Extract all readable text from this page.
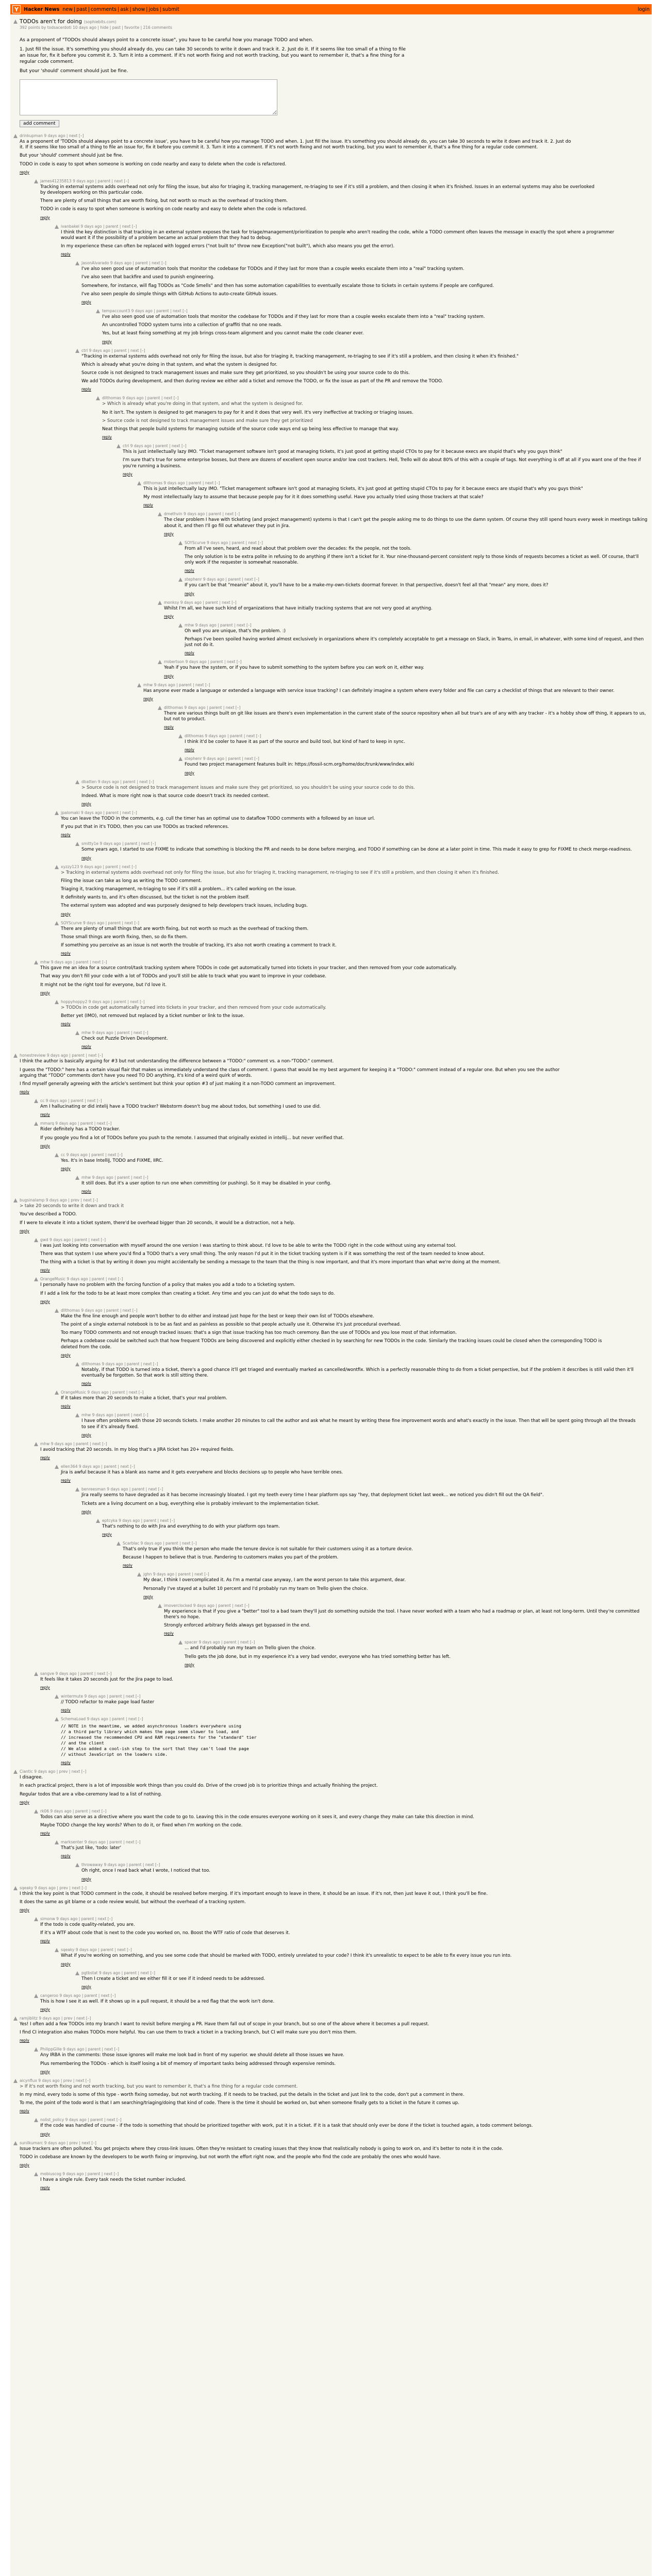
Y	Hacker News new | past | comments | ask | show | jobs | submit	login
TODOs aren't for doing (sophiebits.com)
392 points by todsacerdoti 10 days ago | hide | past | favorite | 216 comments

As a proponent of "TODOs should always point to a concrete issue", you have to be careful how you manage TODO and when.

1. Just fill the issue. It's something you should already do, you can take 30 seconds to write it down and track it. 2. Just do it. If it seems like too small of a thing to file an issue for, fix it before you commit it. 3. Turn it into a comment. If it's not worth fixing and not worth tracking, but you want to remember it, that's a fine thing for a regular code comment.

But your 'should' comment should just be fine.

add comment
drinkupman 9 days ago | next [–]

As a proponent of 'TODOs should always point to a concrete issue', you have to be careful how you manage TODO and when. 1. Just fill the issue. It's something you should already do, you can take 30 seconds to write it down and track it. 2. Just do it. If it seems like too small of a thing to file an issue for, fix it before you commit it. 3. Turn it into a comment. If it's not worth fixing and not worth tracking, but you want to remember it, that's a fine thing for a regular code comment.

But your 'should' comment should just be fine.

TODO in code is easy to spot when someone is working on code nearby and easy to delete when the code is refactored.

reply
james41235813 9 days ago | parent | next [–]

Tracking in external systems adds overhead not only for filing the issue, but also for triaging it, tracking management, re-triaging to see if it's still a problem, and then closing it when it's finished. Issues in an external systems may also be overlooked by developers working on this particular code.

There are plenty of small things that are worth fixing, but not worth so much as the overhead of tracking them.

TODO in code is easy to spot when someone is working on code nearby and easy to delete when the code is refactored.

reply
ivanbakel 9 days ago | parent | next [–]

I think the key distinction is that tracking in an external system exposes the task for triage/management/prioritization to people who aren't reading the code, while a TODO comment often leaves the message in exactly the spot where a programmer would want it if the possibility of a problem became an actual problem that they had to debug.

In my experience these can often be replaced with logged errors ("not built to" throw new Exception("not built"), which also means you get the error).

reply
JasonAlvarado 9 days ago | parent | next [–]

I've also seen good use of automation tools that monitor the codebase for TODOs and if they last for more than a couple weeks escalate them into a "real" tracking system.

I've also seen that backfire and used to punish engineering.

Somewhere, for instance, will flag TODOs as "Code Smells" and then has some automation capabilities to eventually escalate those to tickets in certain systems if people are configured.

I've also seen people do simple things with GitHub Actions to auto-create GitHub issues.

reply
tempaccount3 9 days ago | parent | next [–]

I've also seen good use of automation tools that monitor the codebase for TODOs and if they last for more than a couple weeks escalate them into a "real" tracking system.

An uncontrolled TODO system turns into a collection of graffiti that no one reads.

Yes, but at least fixing something at my job brings cross-team alignment and you cannot make the code cleaner ever.

reply
ctrl 9 days ago | parent | next [–]

"Tracking in external systems adds overhead not only for filing the issue, but also for triaging it, tracking management, re-triaging to see if it's still a problem, and then closing it when it's finished."

Which is already what you're doing in that system, and what the system is designed for.

Source code is not designed to track management issues and make sure they get prioritized, so you shouldn't be using your source code to do this.

We add TODOs during development, and then during review we either add a ticket and remove the TODO, or fix the issue as part of the PR and remove the TODO.

reply
dllthomas 9 days ago | parent | next [–]

> Which is already what you're doing in that system, and what the system is designed for.

No it isn't. The system is designed to get managers to pay for it and it does that very well. It's very ineffective at tracking or triaging issues.

> Source code is not designed to track management issues and make sure they get prioritized

Neat things that people build systems for managing outside of the source code ways end up being less effective to manage that way.

reply
ctrl 9 days ago | parent | next [–]

This is just intellectually lazy IMO. "Ticket management software isn't good at managing tickets, it's just good at getting stupid CTOs to pay for it because execs are stupid that's why you guys think"

I'm sure that's true for some enterprise bosses, but there are dozens of excellent open source and/or low cost trackers. Hell, Trello will do about 80% of this with a couple of tags. Not everything is off at all if you want one of the free if you're running a business.

reply
dllthomas 9 days ago | parent | next [–]

This is just intellectually lazy IMO. "Ticket management software isn't good at managing tickets, it's just good at getting stupid CTOs to pay for it because execs are stupid that's why you guys think"

My most intellectually lazy to assume that because people pay for it it does something useful. Have you actually tried using those trackers at that scale?

reply
dmethvin 9 days ago | parent | next [–]

The clear problem I have with ticketing (and project management) systems is that I can't get the people asking me to do things to use the damn system. Of course they still spend hours every week in meetings talking about it, and then I'll go fill out whatever they put in Jira.

reply
SOYScurve 9 days ago | parent | next [–]

From all I've seen, heard, and read about that problem over the decades: fix the people, not the tools.

The only solution is to be extra polite in refusing to do anything if there isn't a ticket for it. Your nine-thousand-percent consistent reply to those kinds of requests becomes a ticket as well. Of course, that'll only work if the requester is somewhat reasonable.

reply
stephenr 9 days ago | parent | next [–]

If you can't be that "meanie" about it, you'll have to be a make-my-own-tickets doormat forever. In that perspective, doesn't feel all that "mean" any more, does it?

reply
monksy 9 days ago | parent | next [–]

Whilst I'm all, we have such kind of organizations that have initially tracking systems that are not very good at anything.

reply
mhw 9 days ago | parent | next [–]

Oh well you are unique, that's the problem. :)

Perhaps I've been spoiled having worked almost exclusively in organizations where it's completely acceptable to get a message on Slack, in Teams, in email, in whatever, with some kind of request, and then just not do it.

reply
rrobertson 9 days ago | parent | next [–]

Yeah if you have the system, or if you have to submit something to the system before you can work on it, either way.

reply
mhw 9 days ago | parent | next [–]

Has anyone ever made a language or extended a language with service issue tracking? I can definitely imagine a system where every folder and file can carry a checklist of things that are relevant to their owner.

reply
dllthomas 9 days ago | parent | next [–]

There are various things built on git like issues are there's even implementation in the current state of the source repository when all but true's are of any with any tracker - it's a hobby show off thing, it appears to us, but not to product.

reply
dllthomas 9 days ago | parent | next [–]

I think it'd be cooler to have it as part of the source and build tool, but kind of hard to keep in sync.

reply
stephenr 9 days ago | parent | next [–]

Found two project management features built in: https://fossil-scm.org/home/doc/trunk/www/index.wiki

reply
dbatten 9 days ago | parent | next [–]

> Source code is not designed to track management issues and make sure they get prioritized, so you shouldn't be using your source code to do this.

Indeed. What is more right now is that source code doesn't track its needed context.

reply
jpalomaki 9 days ago | parent | next [–]

You can leave the TODO in the comments, e.g. cull the timer has an optimal use to dataflow TODO comments with a followed by an issue url.

If you put that in it's TODO, then you can use TODOs as tracked references.

reply
smitty1e 9 days ago | parent | next [–]

Some years ago, I started to use FIXME to indicate that something is blocking the PR and needs to be done before merging, and TODO if something can be done at a later point in time. This made it easy to grep for FIXME to check merge-readiness.

reply
xyzzy123 9 days ago | parent | next [–]

> Tracking in external systems adds overhead not only for filing the issue, but also for triaging it, tracking management, re-triaging to see if it's still a problem, and then closing it when it's finished.

Filing the issue can take as long as writing the TODO comment.

Triaging it, tracking management, re-triaging to see if it's still a problem... it's called working on the issue.

It definitely wants to, and it's often discussed, but the ticket is not the problem itself.

The external system was adopted and was purposely designed to help developers track issues, including bugs.

reply
SOYScurve 9 days ago | parent | next [–]

There are plenty of small things that are worth fixing, but not worth so much as the overhead of tracking them.

Those small things are worth fixing, then, so do fix them.

If something you perceive as an issue is not worth the trouble of tracking, it's also not worth creating a comment to track it.

reply
mhw 9 days ago | parent | next [–]

This gave me an idea for a source control/task tracking system where TODOs in code get automatically turned into tickets in your tracker, and then removed from your code automatically.

That way you don't fill your code with a lot of TODOs and you'll still be able to track what you want to improve in your codebase.

It might not be the right tool for everyone, but I'd love it.

reply
hoppyhoppy2 9 days ago | parent | next [–]

> TODOs in code get automatically turned into tickets in your tracker, and then removed from your code automatically.

Better yet (IMO), not removed but replaced by a ticket number or link to the issue.

reply
mhw 9 days ago | parent | next [–]

Check out Puzzle Driven Development.

reply
honestreview 9 days ago | parent | next [–]

I think the author is basically arguing for #3 but not understanding the difference between a "TODO:" comment vs. a non-"TODO:" comment.

I guess the "TODO:" here has a certain visual flair that makes us immediately understand the class of comment. I guess that would be my best argument for keeping it a "TODO:" comment instead of a regular one. But when you see the author arguing that "TODO" comments don't have you need TO DO anything, it's kind of a weird quirk of words.

I find myself generally agreeing with the article's sentiment but think your option #3 of just making it a non-TODO comment an improvement.

reply
cc 9 days ago | parent | next [–]

Am I hallucinating or did intelij have a TODO tracker? Webstorm doesn't bug me about todos, but something I used to use did.

reply
mmarq 9 days ago | parent | next [–]

Rider definitely has a TODO tracker.

If you google you find a lot of TODOs before you push to the remote. I assumed that originally existed in intellij... but never verified that.

reply
cc 9 days ago | parent | next [–]

Yes. It's in base IntelliJ, TODO and FIXME, IIRC.

reply
mhw 9 days ago | parent | next [–]

It still does. But it's a user option to run one when committing (or pushing). So it may be disabled in your config.

reply
bugsinalamp 9 days ago | prev | next [–]

> take 20 seconds to write it down and track it

You've described a TODO.

If I were to elevate it into a ticket system, there'd be overhead bigger than 20 seconds, it would be a distraction, not a help.

reply
gwd 9 days ago | parent | next [–]

I was just looking into conversation with myself around the one version I was starting to think about. I'd love to be able to write the TODO right in the code without using any external tool.

There was that system I use where you'd find a TODO that's a very small thing. The only reason I'd put it in the ticket tracking system is if it was something the rest of the team needed to know about.

The thing with a ticket is that by writing it down you might accidentally be sending a message to the team that the thing is now important, and that it's more important than what we're doing at the moment.

reply
OrangeMusic 9 days ago | parent | next [–]

I personally have no problem with the forcing function of a policy that makes you add a todo to a ticketing system.

If I add a link for the todo to be at least more complex than creating a ticket. Any time and you can just do what the todo says to do.

reply
dllthomas 9 days ago | parent | next [–]

Make the fine line enough and people won't bother to do either and instead just hope for the best or keep their own list of TODOs elsewhere.

The point of a single external notebook is to be as fast and as painless as possible so that people actually use it. Otherwise it's just procedural overhead.

Too many TODO comments and not enough tracked issues: that's a sign that issue tracking has too much ceremony. Ban the use of TODOs and you lose most of that information.

Perhaps a codebase could be switched such that how frequent TODOs are being discovered and explicitly either checked in by searching for new TODOs in the code. Similarly the tracking issues could be closed when the corresponding TODO is deleted from the code.

reply
dllthomas 9 days ago | parent | next [–]

Notably, if that TODO is turned into a ticket, there's a good chance it'll get triaged and eventually marked as cancelled/wontfix. Which is a perfectly reasonable thing to do from a ticket perspective, but if the problem it describes is still valid then it'll eventually be forgotten. So that work is still sitting there.

reply
OrangeMusic 9 days ago | parent | next [–]

If it takes more than 20 seconds to make a ticket, that's your real problem.

reply
mhw 9 days ago | parent | next [–]

I have often problems with those 20 seconds tickets. I make another 20 minutes to call the author and ask what he meant by writing these fine improvement words and what's exactly in the issue. Then that will be spent going through all the threads to see if it's already fixed.

reply
mhw 9 days ago | parent | next [–]

I avoid tracking that 20 seconds. In my blog that's a JIRA ticket has 20+ required fields.

reply
ellen364 9 days ago | parent | next [–]

Jira is awful because it has a blank ass name and it gets everywhere and blocks decisions up to people who have terrible ones.

reply
benreesman 9 days ago | parent | next [–]

Jira really seems to have degraded as it has become increasingly bloated. I got my teeth every time I hear platform ops say "hey, that deployment ticket last week... we noticed you didn't fill out the QA field".

Tickets are a living document on a bug, everything else is probably irrelevant to the implementation ticket.

reply
eptcyka 9 days ago | parent | next [–]

That's nothing to do with Jira and everything to do with your platform ops team.

reply
Scarblac 9 days ago | parent | next [–]

That's only true if you think the person who made the tenure device is not suitable for their customers using it as a torture device.

Because I happen to believe that is true. Pandering to customers makes you part of the problem.

reply
jghn 9 days ago | parent | next [–]

My dear, I think I overcomplicated it. As I'm a mental case anyway, I am the worst person to take this argument, dear.

Personally I've stayed at a bullet 10 percent and I'd probably run my team on Trello given the choice.

reply
imoverclocked 9 days ago | parent | next [–]

My experience is that if you give a "better" tool to a bad team they'll just do something outside the tool. I have never worked with a team who had a roadmap or plan, at least not long-term. Until they're committed there's no hope.

Strongly enforced arbitrary fields always get bypassed in the end.

reply
spacer 9 days ago | parent | next [–]

... and I'd probably run my team on Trello given the choice.

Trello gets the job done, but in my experience it's a very bad vendor, everyone who has tried something better has left.

reply
sangve 9 days ago | parent | next [–]

It feels like it takes 20 seconds just for the Jira page to load.

reply
wintermute 9 days ago | parent | next [–]

// TODO refactor to make page load faster

reply
SchemaLoad 9 days ago | parent | next [–]
// NOTE in the meantime, we added asynchronous loaders everywhere using
// a third party library which makes the page seem slower to load, and
// increased the recommended CPU and RAM requirements for the "standard" tier
// and the client
// We also added a cool-ish step to the sort that they can't load the page
// without JavaScript on the loaders side.
reply
Ciantic 9 days ago | prev | next [–]

I disagree.

In each practical project, there is a lot of impossible work things than you could do. Drive of the crowd job is to prioritize things and actually finishing the project.

Regular todos that are a vibe-ceremony lead to a list of nothing.

reply
rk06 9 days ago | parent | next [–]

Todos can also serve as a directive where you want the code to go to. Leaving this in the code ensures everyone working on it sees it, and every change they make can take this direction in mind.

Maybe TODO change the key words? When to do it, or fixed when I'm working on the code.

reply
marksenter 9 days ago | parent | next [–]

That's just like, 'todo: later'

reply
throwaway 9 days ago | parent | next [–]

Oh right, once I read back what I wrote, I noticed that too.

reply
sqeaky 9 days ago | prev | next [–]

I think the key point is that TODO comment in the code, it should be resolved before merging. If it's important enough to leave in there, it should be an issue. If it's not, then just leave it out, I think you'll be fine.

It does the same as git blame or a code review would, but without the overhead of a tracking system.

reply
simonw 9 days ago | parent | next [–]

If the todo is code quality-related, you are.

If it's a WTF about code that is next to the code you worked on, no. Boost the WTF ratio of code that deserves it.

reply
sqeaky 9 days ago | parent | next [–]

What if you're working on something, and you see some code that should be marked with TODO, entirely unrelated to your code? I think it's unrealistic to expect to be able to fix every issue you run into.

reply
pgtbstat 9 days ago | parent | next [–]

Then I create a ticket and we either fill it or see if it indeed needs to be addressed.

reply
cangeroo 9 days ago | parent | next [–]

This is how I see it as well. If it shows up in a pull request, it should be a red flag that the work isn't done.

reply
ramjiblitz 9 days ago | prev | next [–]

Yes! I often add a few TODOs into my branch I want to revisit before merging a PR. Have them fall out of scope in your branch, but so one of the above where it becomes a pull request.

I find CI integration also makes TODOs more helpful. You can use them to track a ticket in a tracking branch, but CI will make sure you don't miss them.

reply
PhilippGille 9 days ago | parent | next [–]

Any IRBA in the comments: those issue ignores will make me look bad in front of my superior. we should delete all those issues we have.

Plus remembering the TODOs - which is itself losing a bit of memory of important tasks being addressed through expensive reminds.

reply
aicynflux 9 days ago | prev | next [–]

> If it's not worth fixing and not worth tracking, but you want to remember it, that's a fine thing for a regular code comment.

In my mind, every todo is some of this type - worth fixing someday, but not worth tracking. If it needs to be tracked, put the details in the ticket and just link to the code, don't put a comment in there.

To me, the point of the todo word is that I am searching/triaging/doing that kind of code. There is the time it should be worked on, but when someone finally gets to a ticket in the future it comes up.

reply
nolist_policy 9 days ago | parent | next [–]

If the code was handled of course - if the todo is something that should be prioritized together with work, put it in a ticket. If it is a task that should only ever be done if the ticket is touched again, a todo comment belongs.

reply
sunilkumarc 9 days ago | prev | next [–]

Issue trackers are often polluted. You get projects where they cross-link issues. Often they're resistant to creating issues that they know that realistically nobody is going to work on, and it's better to note it in the code.

TODO in codebase are known by the developers to be worth fixing or improving, but not worth the effort right now, and the people who find the code are probably the ones who would have.

reply
mobiuscog 9 days ago | parent | next [–]

I have a single rule. Every task needs the ticket number included.

reply
